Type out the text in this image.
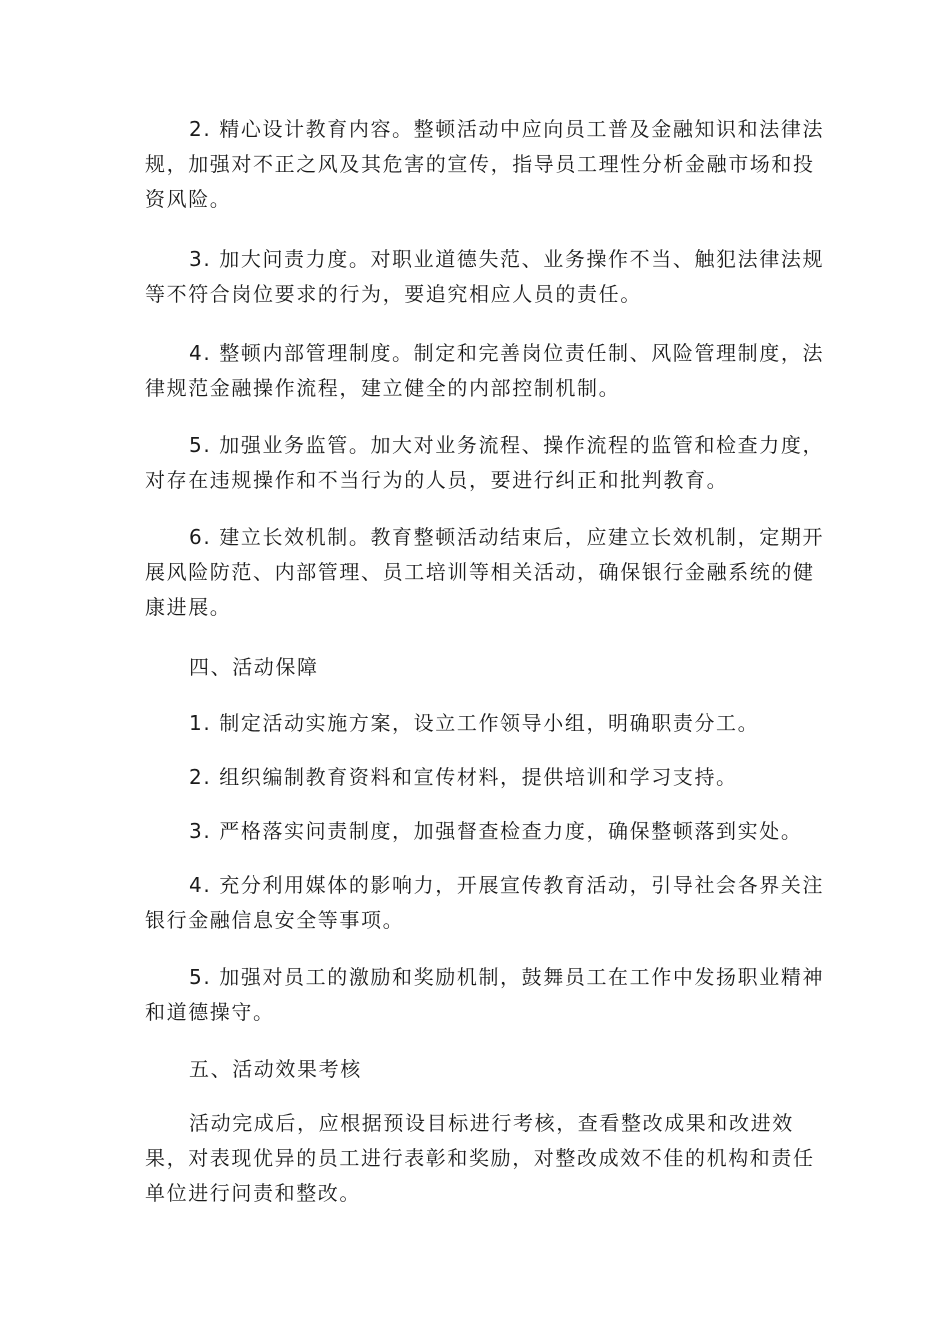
2. 精心设计教育内容。整顿活动中应向员工普及金融知识和法律法规，加强对不正之风及其危害的宣传，指导员工理性分析金融市场和投资风险。

3. 加大问责力度。对职业道德失范、业务操作不当、触犯法律法规等不符合岗位要求的行为，要追究相应人员的责任。

4. 整顿内部管理制度。制定和完善岗位责任制、风险管理制度，法律规范金融操作流程，建立健全的内部控制机制。

5. 加强业务监管。加大对业务流程、操作流程的监管和检查力度，对存在违规操作和不当行为的人员，要进行纠正和批判教育。

6. 建立长效机制。教育整顿活动结束后，应建立长效机制，定期开展风险防范、内部管理、员工培训等相关活动，确保银行金融系统的健康进展。

四、活动保障

1. 制定活动实施方案，设立工作领导小组，明确职责分工。

2. 组织编制教育资料和宣传材料，提供培训和学习支持。

3. 严格落实问责制度，加强督查检查力度，确保整顿落到实处。

4. 充分利用媒体的影响力，开展宣传教育活动，引导社会各界关注银行金融信息安全等事项。

5. 加强对员工的激励和奖励机制，鼓舞员工在工作中发扬职业精神和道德操守。

五、活动效果考核

活动完成后，应根据预设目标进行考核，查看整改成果和改进效果，对表现优异的员工进行表彰和奖励，对整改成效不佳的机构和责任单位进行问责和整改。
